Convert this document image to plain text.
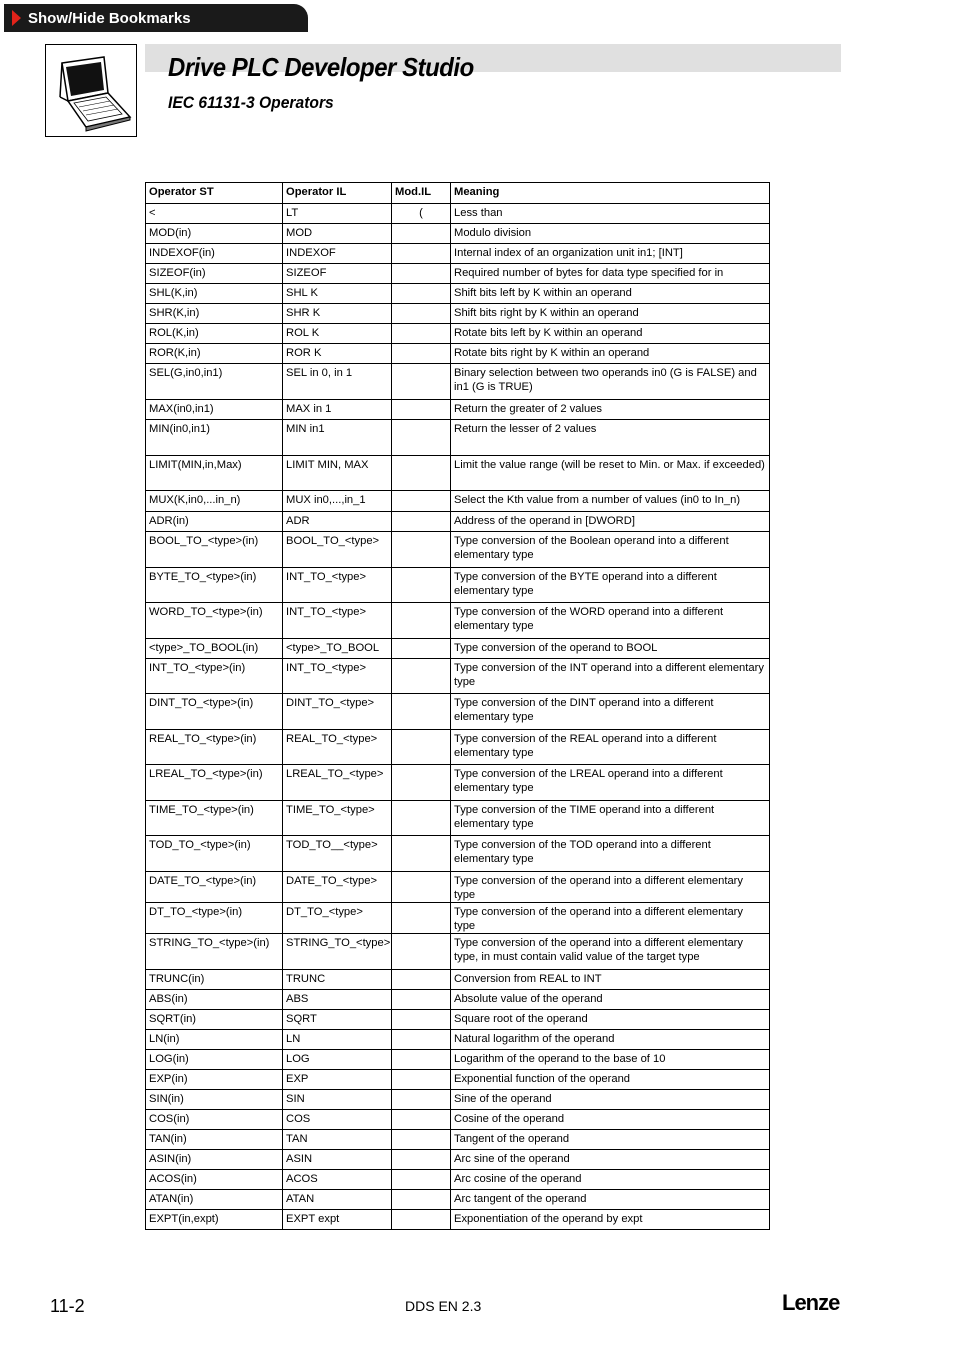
Show/Hide Bookmarks
Drive PLC Developer Studio
IEC 61131-3 Operators
Operator ST	Operator IL	Mod.IL	Meaning
<	LT	(	Less than
MOD(in)	MOD		Modulo division
INDEXOF(in)	INDEXOF		Internal index of an organization unit in1; [INT]
SIZEOF(in)	SIZEOF		Required number of bytes for data type specified for in
SHL(K,in)	SHL K		Shift bits left by K within an operand
SHR(K,in)	SHR K		Shift bits right by K within an operand
ROL(K,in)	ROL K		Rotate bits left by K within an operand
ROR(K,in)	ROR K		Rotate bits right by K within an operand
SEL(G,in0,in1)	SEL in 0, in 1		Binary selection between two operands in0 (G is FALSE) and in1 (G is TRUE)
MAX(in0,in1)	MAX in 1		Return the greater of 2 values
MIN(in0,in1)	MIN in1		Return the lesser of 2 values
LIMIT(MIN,in,Max)	LIMIT MIN, MAX		Limit the value range (will be reset to Min. or Max. if exceeded)
MUX(K,in0,...in_n)	MUX in0,...,in_1		Select the Kth value from a number of values (in0 to In_n)
ADR(in)	ADR		Address of the operand in [DWORD]
BOOL_TO_<type>(in)	BOOL_TO_<type>		Type conversion of the Boolean operand into a different elementary type
BYTE_TO_<type>(in)	INT_TO_<type>		Type conversion of the BYTE operand into a different elementary type
WORD_TO_<type>(in)	INT_TO_<type>		Type conversion of the WORD operand into a different elementary type
<type>_TO_BOOL(in)	<type>_TO_BOOL		Type conversion of the operand to BOOL
INT_TO_<type>(in)	INT_TO_<type>		Type conversion of the INT operand into a different elementary type
DINT_TO_<type>(in)	DINT_TO_<type>		Type conversion of the DINT operand into a different elementary type
REAL_TO_<type>(in)	REAL_TO_<type>		Type conversion of the REAL operand into a different elementary type
LREAL_TO_<type>(in)	LREAL_TO_<type>		Type conversion of the LREAL operand into a different elementary type
TIME_TO_<type>(in)	TIME_TO_<type>		Type conversion of the TIME operand into a different elementary type
TOD_TO_<type>(in)	TOD_TO__<type>		Type conversion of the TOD operand into a different elementary type
DATE_TO_<type>(in)	DATE_TO_<type>		Type conversion of the operand into a different elementary type
DT_TO_<type>(in)	DT_TO_<type>		Type conversion of the operand into a different elementary type
STRING_TO_<type>(in)	STRING_TO_<type>		Type conversion of the operand into a different elementary type, in must contain valid value of the target type
TRUNC(in)	TRUNC		Conversion from REAL to INT
ABS(in)	ABS		Absolute value of the operand
SQRT(in)	SQRT		Square root of the operand
LN(in)	LN		Natural logarithm of the operand
LOG(in)	LOG		Logarithm of the operand to the base of 10
EXP(in)	EXP		Exponential function of the operand
SIN(in)	SIN		Sine of the operand
COS(in)	COS		Cosine of the operand
TAN(in)	TAN		Tangent of the operand
ASIN(in)	ASIN		Arc sine of the operand
ACOS(in)	ACOS		Arc cosine of the operand
ATAN(in)	ATAN		Arc tangent of the operand
EXPT(in,expt)	EXPT expt		Exponentiation of the operand by expt
11-2	DDS EN 2.3	Lenze
